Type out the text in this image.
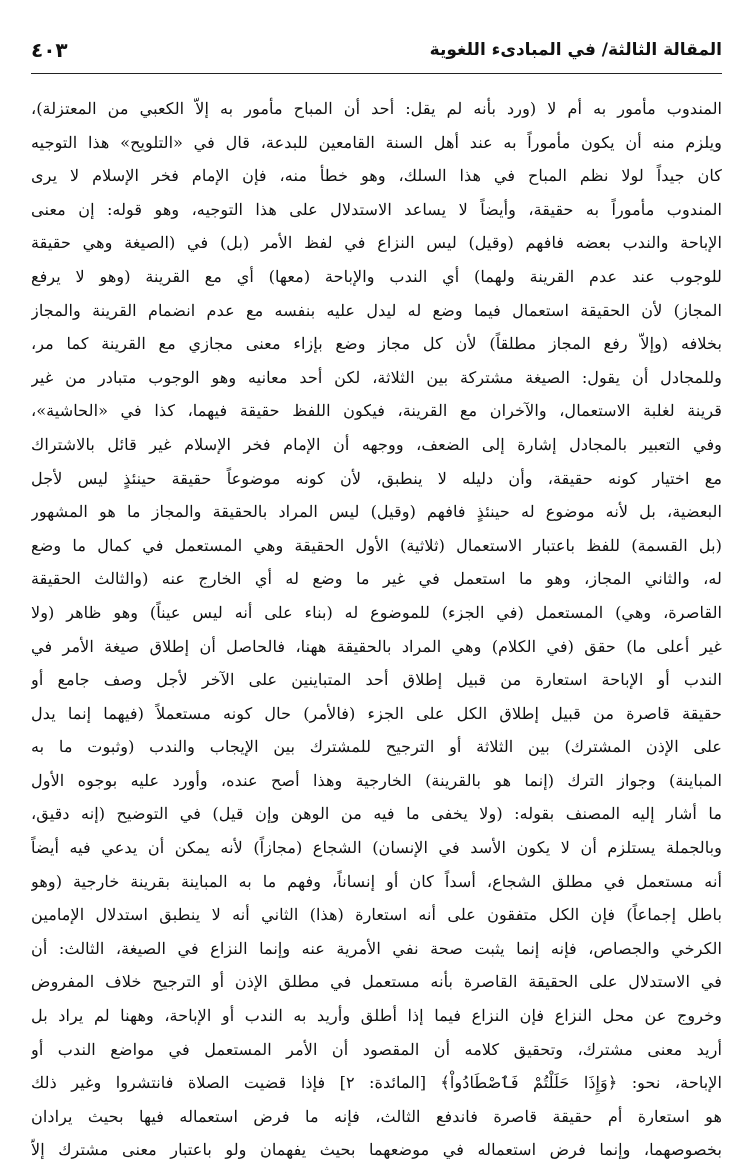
المقالة الثالثة/ في المبادىء اللغوية
٤٠٣
المندوب مأمور به أم لا (ورد بأنه لم يقل: أحد أن المباح مأمور به إلاّ الكعبي من المعتزلة)،
ويلزم منه أن يكون مأموراً به عند أهل السنة القامعين للبدعة، قال في «التلويح» هذا التوجيه
كان جيداً لولا نظم المباح في هذا السلك، وهو خطأ منه، فإن الإمام فخر الإسلام لا يرى
المندوب مأموراً به حقيقة، وأيضاً لا يساعد الاستدلال على هذا التوجيه، وهو قوله: إن معنى
الإباحة والندب بعضه فافهم (وقيل) ليس النزاع في لفظ الأمر (بل) في (الصيغة وهي حقيقة
للوجوب عند عدم القرينة ولهما) أي الندب والإباحة (معها) أي مع القرينة (وهو لا يرفع
المجاز) لأن الحقيقة استعمال فيما وضع له ليدل عليه بنفسه مع عدم انضمام القرينة والمجاز
بخلافه (وإلاّ رفع المجاز مطلقاً) لأن كل مجاز وضع بإزاء معنى مجازي مع القرينة كما مر،
وللمجادل أن يقول: الصيغة مشتركة بين الثلاثة، لكن أحد معانيه وهو الوجوب متبادر من غير
قرينة لغلبة الاستعمال، والآخران مع القرينة، فيكون اللفظ حقيقة فيهما، كذا في «الحاشية»،
وفي التعبير بالمجادل إشارة إلى الضعف، ووجهه أن الإمام فخر الإسلام غير قائل بالاشتراك
مع اختيار كونه حقيقة، وأن دليله لا ينطبق، لأن كونه موضوعاً حقيقة حينئذٍ ليس لأجل
البعضية، بل لأنه موضوع له حينئذٍ فافهم (وقيل) ليس المراد بالحقيقة والمجاز ما هو المشهور
(بل القسمة) للفظ باعتبار الاستعمال (ثلاثية) الأول الحقيقة وهي المستعمل في كمال ما وضع
له، والثاني المجاز، وهو ما استعمل في غير ما وضع له أي الخارج عنه (والثالث الحقيقة
القاصرة، وهي) المستعمل (في الجزء) للموضوع له (بناء على أنه ليس عيناً) وهو ظاهر (ولا
غير أعلى ما) حقق (في الكلام) وهي المراد بالحقيقة ههنا، فالحاصل أن إطلاق صيغة الأمر في
الندب أو الإباحة استعارة من قبيل إطلاق أحد المتباينين على الآخر لأجل وصف جامع أو
حقيقة قاصرة من قبيل إطلاق الكل على الجزء (فالأمر) حال كونه مستعملاً (فيهما إنما يدل
على الإذن المشترك) بين الثلاثة أو الترجيح للمشترك بين الإيجاب والندب (وثبوت ما به
المباينة) وجواز الترك (إنما هو بالقرينة) الخارجية وهذا أصح عنده، وأورد عليه بوجوه الأول
ما أشار إليه المصنف بقوله: (ولا يخفى ما فيه من الوهن وإن قيل) في التوضيح (إنه دقيق،
وبالجملة يستلزم أن لا يكون الأسد في الإنسان) الشجاع (مجازاً) لأنه يمكن أن يدعي فيه أيضاً
أنه مستعمل في مطلق الشجاع، أسداً كان أو إنساناً، وفهم ما به المباينة بقرينة خارجية (وهو
باطل إجماعاً) فإن الكل متفقون على أنه استعارة (هذا) الثاني أنه لا ينطبق استدلال الإمامين
الكرخي والجصاص، فإنه إنما يثبت صحة نفي الأمرية عنه وإنما النزاع في الصيغة، الثالث: أن
في الاستدلال على الحقيقة القاصرة بأنه مستعمل في مطلق الإذن أو الترجيح خلاف المفروض
وخروج عن محل النزاع فإن النزاع فيما إذا أطلق وأريد به الندب أو الإباحة، وههنا لم يراد بل
أريد معنى مشترك، وتحقيق كلامه أن المقصود أن الأمر المستعمل في مواضع الندب أو
الإباحة، نحو: ﴿وَإِذَا حَلَلْتُمْ فَٱصْطَادُواْ﴾ [المائدة: ٢] فإذا قضيت الصلاة فانتشروا وغير ذلك
هو استعارة أم حقيقة قاصرة فاندفع الثالث، فإنه ما فرض استعماله فيها بحيث يرادان
بخصوصهما، وإنما فرض استعماله في موضعهما بحيث يفهمان ولو باعتبار معنى مشترك إلاّ
